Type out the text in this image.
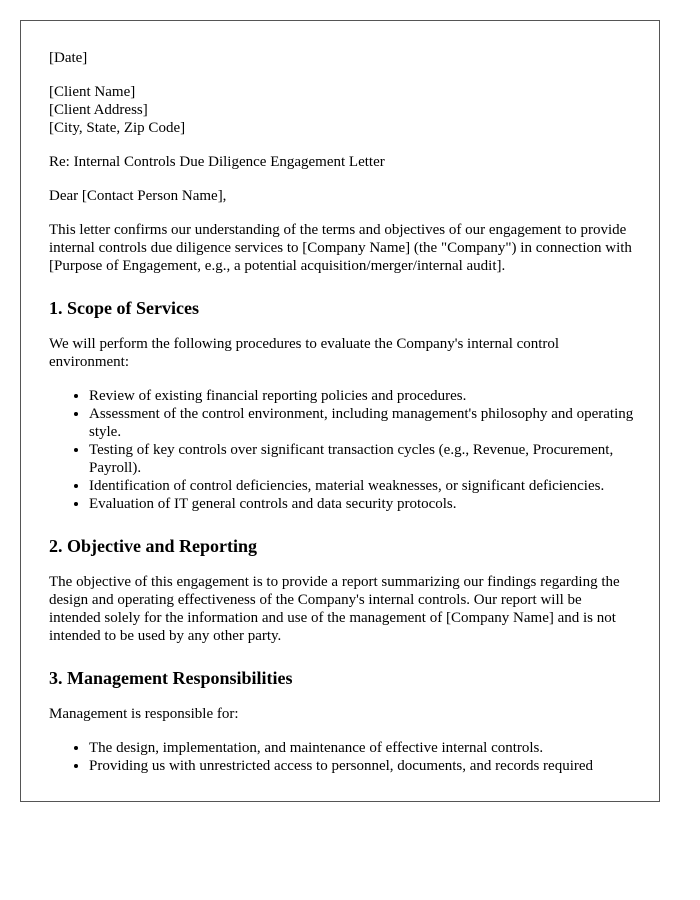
[Date]

[Client Name]
[Client Address]
[City, State, Zip Code]

Re: Internal Controls Due Diligence Engagement Letter

Dear [Contact Person Name],

This letter confirms our understanding of the terms and objectives of our engagement to provide internal controls due diligence services to [Company Name] (the "Company") in connection with [Purpose of Engagement, e.g., a potential acquisition/merger/internal audit].

1. Scope of Services

We will perform the following procedures to evaluate the Company's internal control environment:

• Review of existing financial reporting policies and procedures.
• Assessment of the control environment, including management's philosophy and operating style.
• Testing of key controls over significant transaction cycles (e.g., Revenue, Procurement, Payroll).
• Identification of control deficiencies, material weaknesses, or significant deficiencies.
• Evaluation of IT general controls and data security protocols.
2. Objective and Reporting

The objective of this engagement is to provide a report summarizing our findings regarding the design and operating effectiveness of the Company's internal controls. Our report will be intended solely for the information and use of the management of [Company Name] and is not intended to be used by any other party.

3. Management Responsibilities

Management is responsible for:

• The design, implementation, and maintenance of effective internal controls.
• Providing us with unrestricted access to personnel, documents, and records required
